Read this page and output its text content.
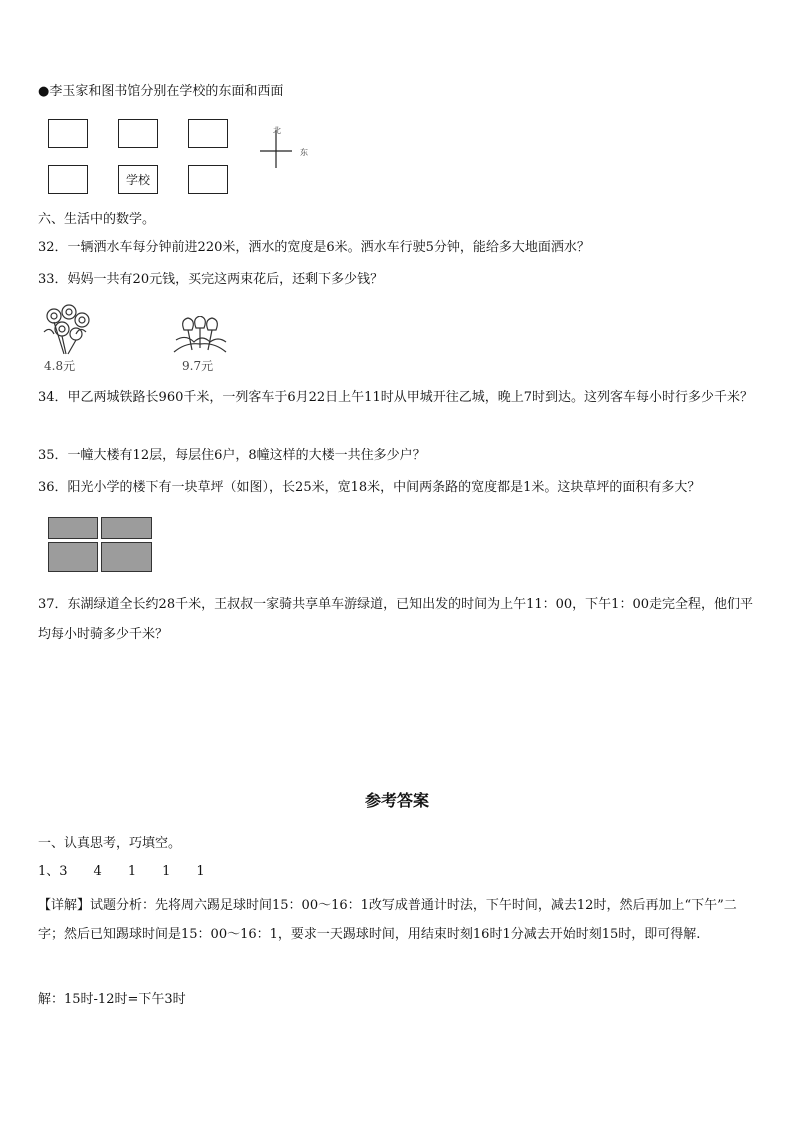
●李玉家和图书馆分别在学校的东面和西面
学校
北
东
六、生活中的数学。
32．一辆洒水车每分钟前进220米，洒水的宽度是6米。洒水车行驶5分钟，能给多大地面洒水？
33．妈妈一共有20元钱，买完这两束花后，还剩下多少钱？
4.8元	9.7元
34．甲乙两城铁路长960千米，一列客车于6月22日上午11时从甲城开往乙城，晚上7时到达。这列客车每小时行多少千米？
35．一幢大楼有12层，每层住6户，8幢这样的大楼一共住多少户？
36．阳光小学的楼下有一块草坪（如图），长25米，宽18米，中间两条路的宽度都是1米。这块草坪的面积有多大？
37．东湖绿道全长约28千米，王叔叔一家骑共享单车游绿道，已知出发的时间为上午11：00，下午1：00走完全程，他们平均每小时骑多少千米？
参考答案
一、认真思考，巧填空。
1、3　　4　　1　　1　　1
【详解】试题分析：先将周六踢足球时间15：00～16：1改写成普通计时法，下午时间，减去12时，然后再加上“下午”二字；然后已知踢球时间是15：00～16：1，要求一天踢球时间，用结束时刻16时1分减去开始时刻15时，即可得解.
解：15时-12时=下午3时
